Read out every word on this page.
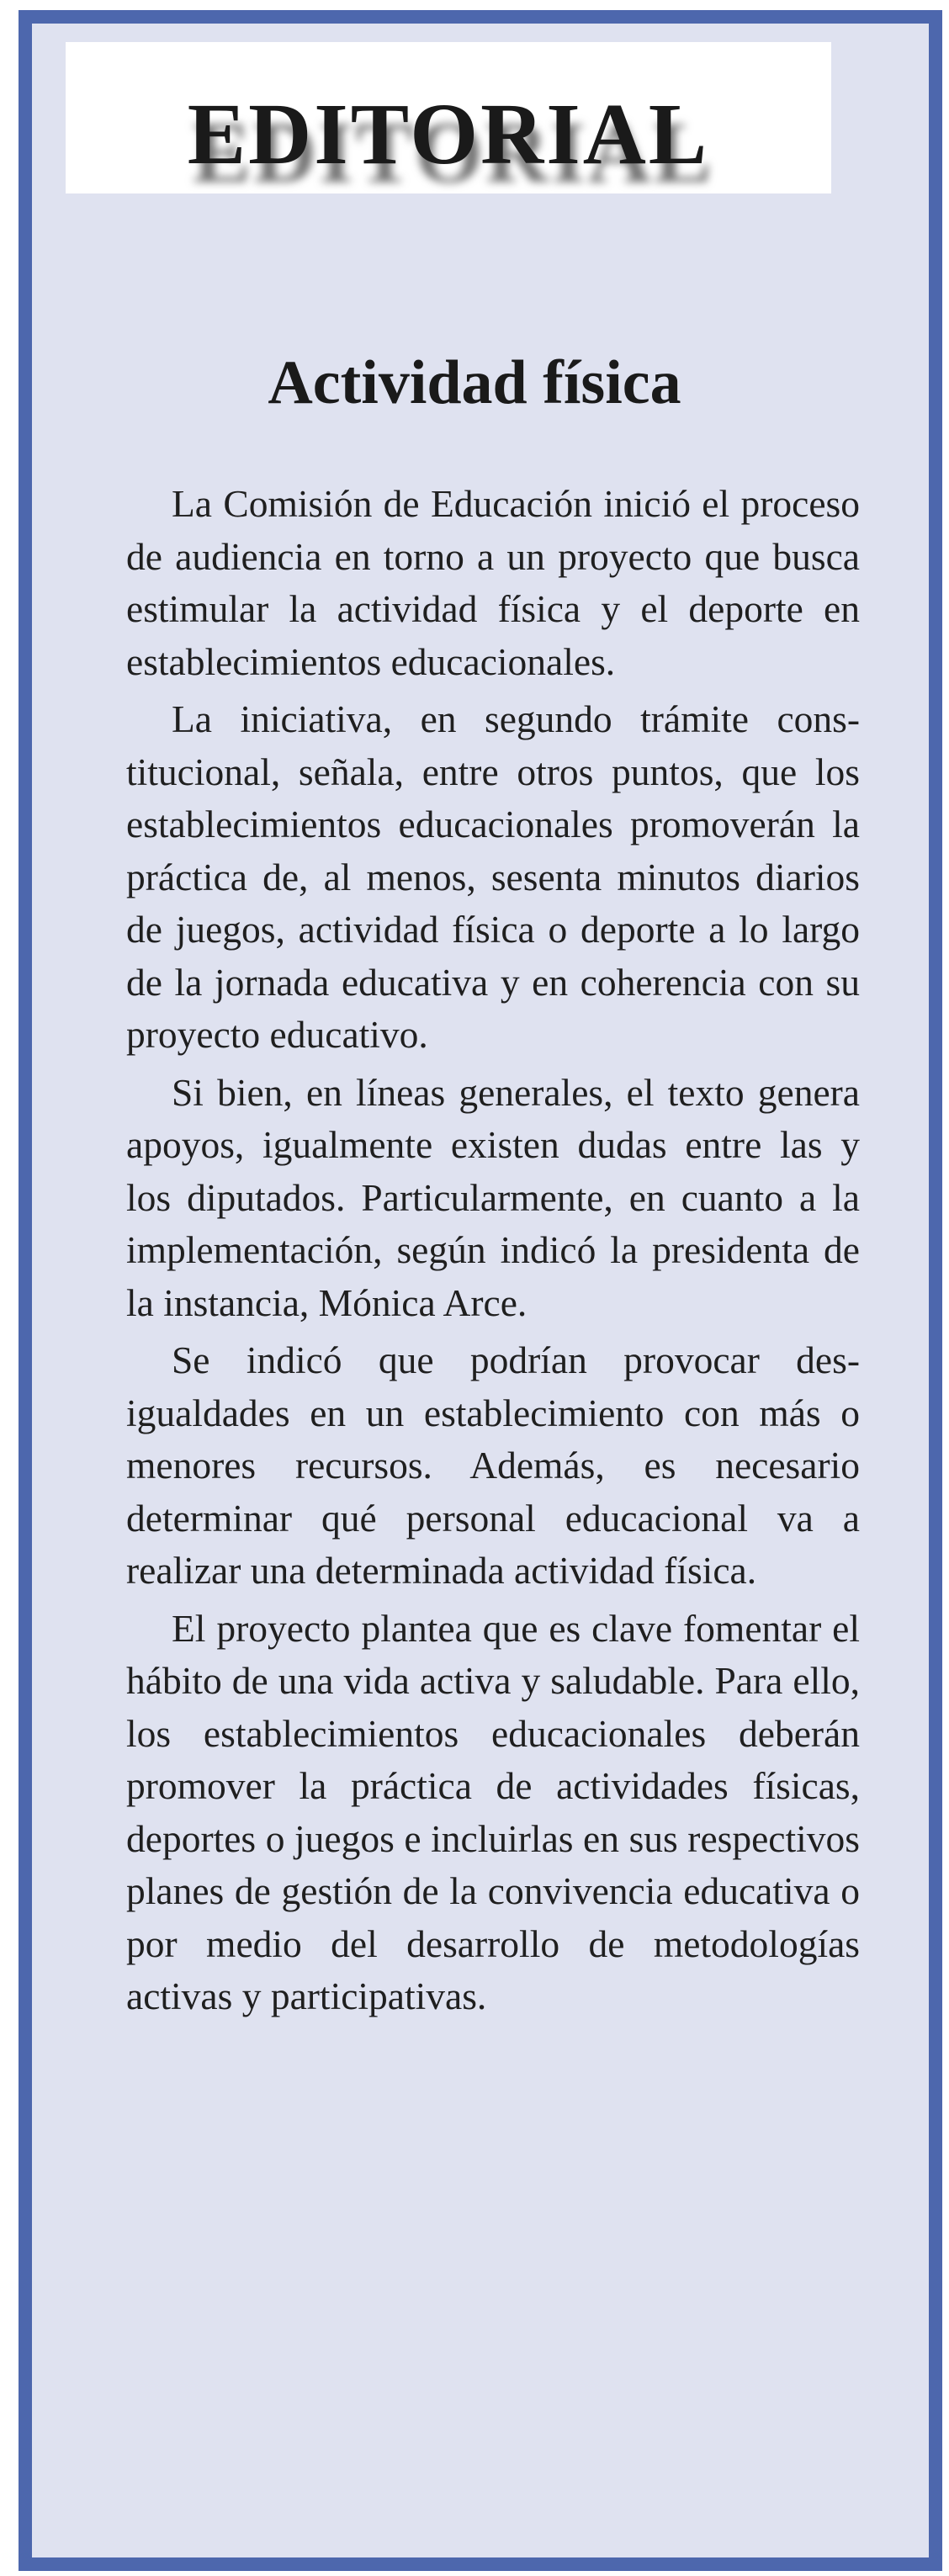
EDITORIAL
Actividad física

La Comisión de Educación inició el proceso de audiencia en torno a un proyecto que busca estimular la actividad física y el deporte en establecimientos educacionales.

La iniciativa, en segundo trámite constitucional, señala, entre otros puntos, que los establecimientos educacionales promoverán la práctica de, al menos, sesenta minutos diarios de juegos, actividad física o deporte a lo largo de la jornada educativa y en coherencia con su proyecto educativo.

Si bien, en líneas generales, el texto genera apoyos, igualmente existen dudas entre las y los diputados. Particularmente, en cuanto a la implementación, según indicó la presidenta de la instancia, Mónica Arce.

Se indicó que podrían provocar desigualdades en un establecimiento con más o menores recursos. Además, es necesario determinar qué personal educacional va a realizar una determinada actividad física.

El proyecto plantea que es clave fomentar el hábito de una vida activa y saludable. Para ello, los establecimientos educacionales deberán promover la práctica de actividades físicas, deportes o juegos e incluirlas en sus respectivos planes de gestión de la convivencia educativa o por medio del desarrollo de metodologías activas y participativas.
